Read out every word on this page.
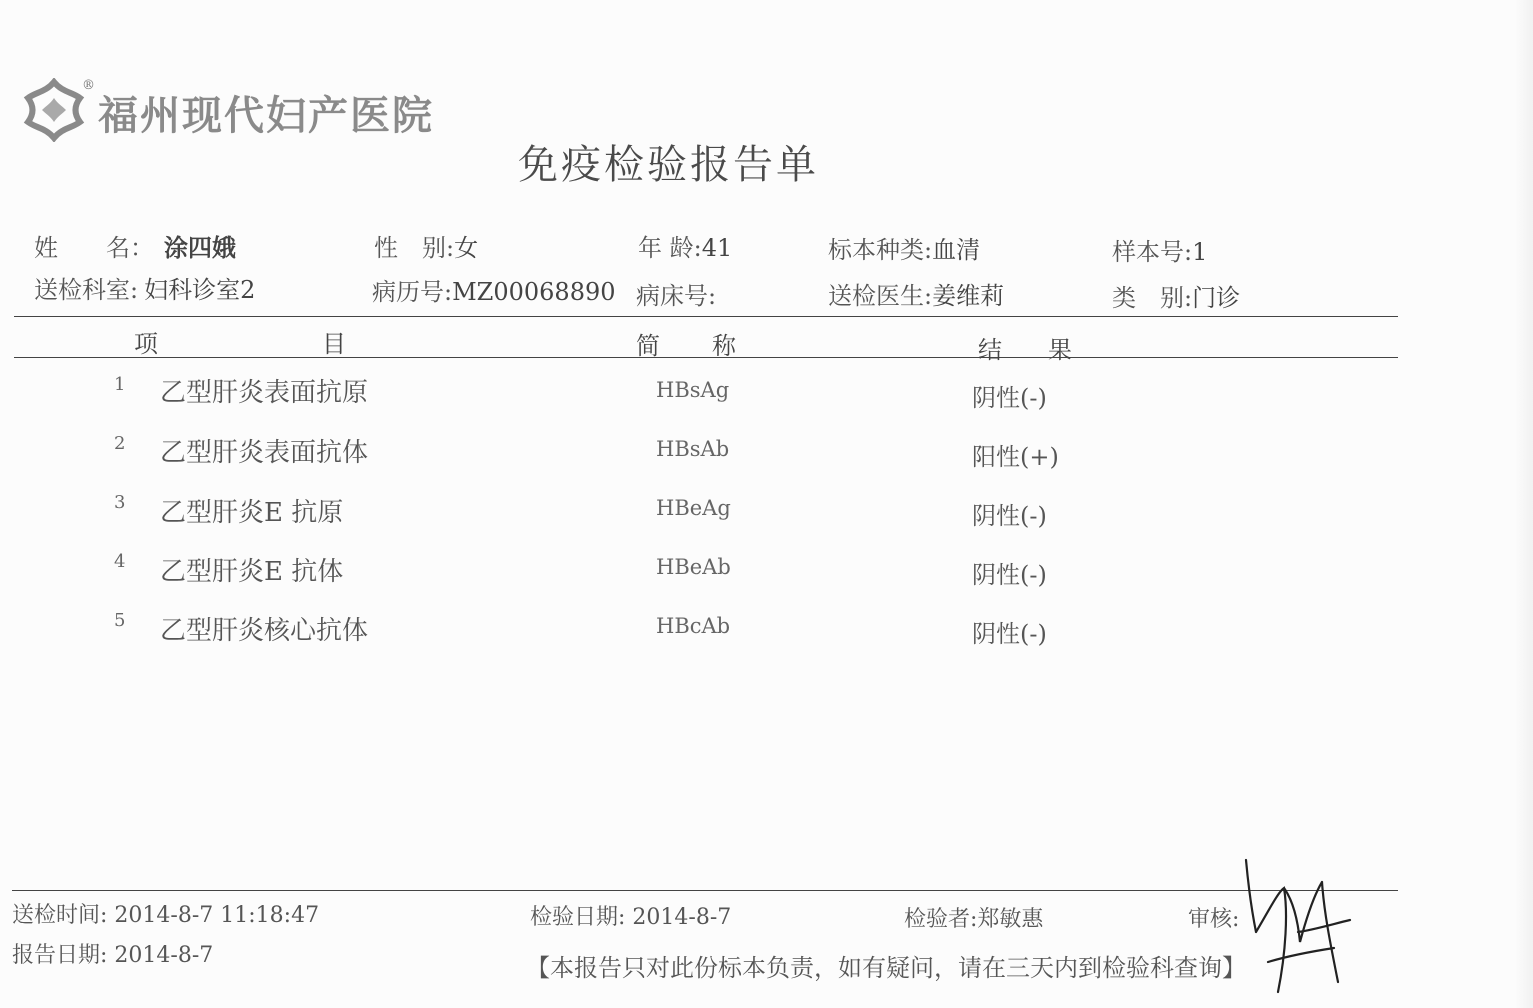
®
福州现代妇产医院
免疫检验报告单
姓　　名： 涂四娥	性　别:女	年 龄:41	标本种类:血清	样本号:1
送检科室: 妇科诊室2	病历号:MZ00068890 病床号:	送检医生:姜维莉	类　别:门诊
项	目	简 称	结 果
1 乙型肝炎表面抗原	HBsAg	阴性(-)
2 乙型肝炎表面抗体	HBsAb	阳性(+)
3 乙型肝炎E 抗原	HBeAg	阴性(-)
4 乙型肝炎E 抗体	HBeAb	阴性(-)
5 乙型肝炎核心抗体	HBcAb	阴性(-)
送检时间: 2014-8-7 11:18:47	检验日期: 2014-8-7	检验者:郑敏惠	审核:
报告日期: 2014-8-7	【本报告只对此份标本负责，如有疑问，请在三天内到检验科查询】
